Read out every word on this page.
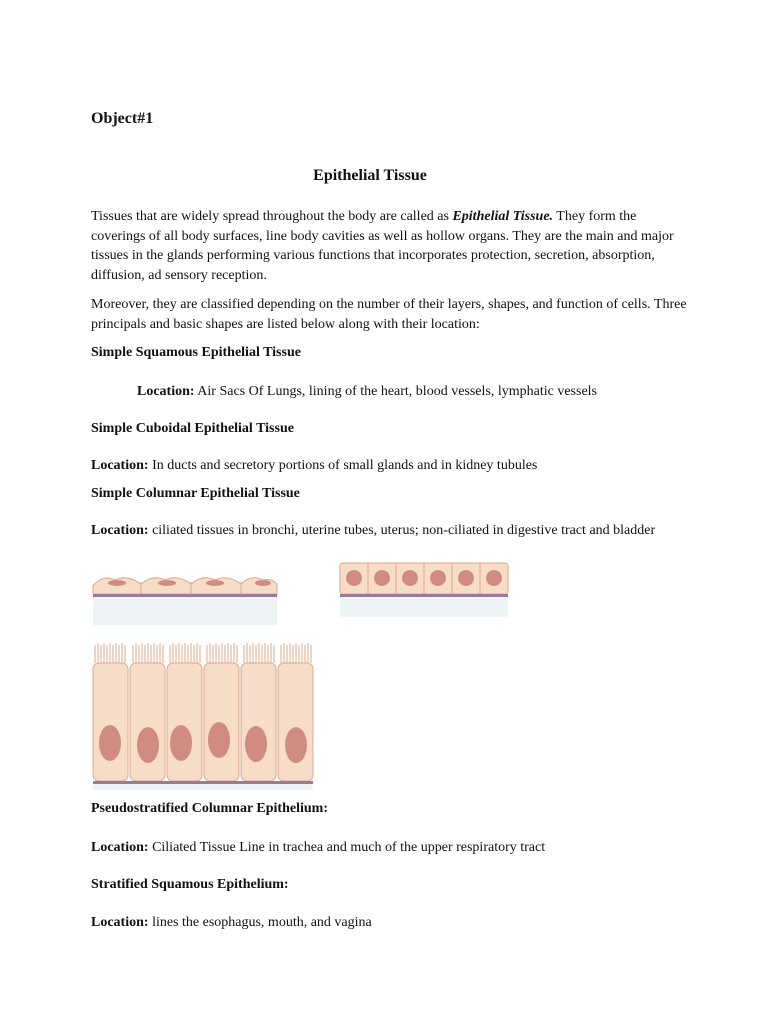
Object#1
Epithelial Tissue
Tissues that are widely spread throughout the body are called as Epithelial Tissue. They form the coverings of all body surfaces, line body cavities as well as hollow organs. They are the main and major tissues in the glands performing various functions that incorporates protection, secretion, absorption, diffusion, ad sensory reception.
Moreover, they are classified depending on the number of their layers, shapes, and function of cells. Three principals and basic shapes are listed below along with their location:
Simple Squamous Epithelial Tissue
Location: Air Sacs Of Lungs, lining of the heart, blood vessels, lymphatic vessels
Simple Cuboidal Epithelial Tissue
Location: In ducts and secretory portions of small glands and in kidney tubules
Simple Columnar Epithelial Tissue
Location: ciliated tissues in bronchi, uterine tubes, uterus; non-ciliated in digestive tract and bladder
Pseudostratified Columnar Epithelium:
Location: Ciliated Tissue Line in trachea and much of the upper respiratory tract
Stratified Squamous Epithelium:
Location: lines the esophagus, mouth, and vagina
